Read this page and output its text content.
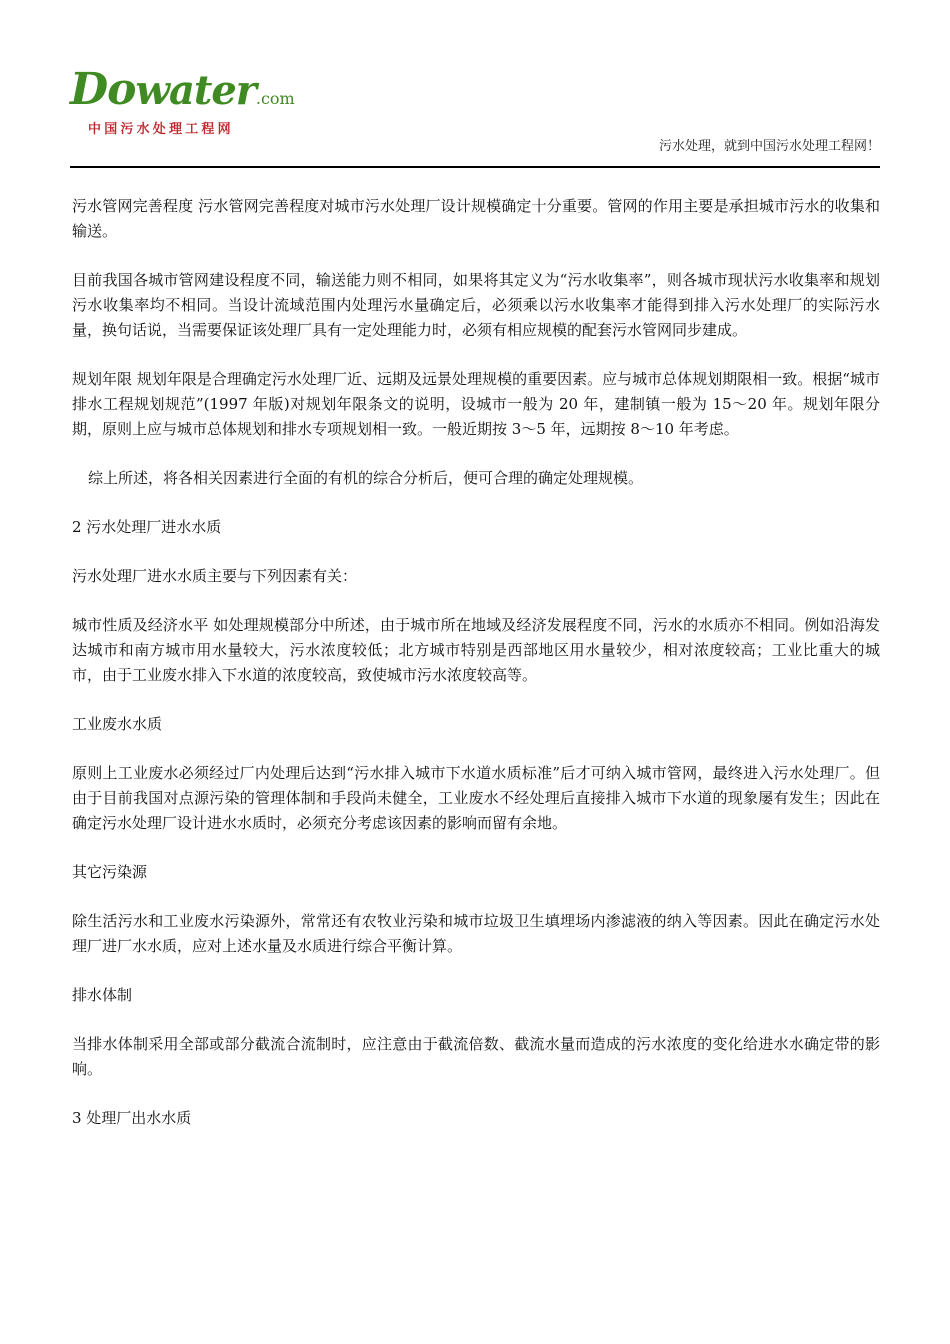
Dowater.com
中国污水处理工程网
污水处理，就到中国污水处理工程网！

污水管网完善程度 污水管网完善程度对城市污水处理厂设计规模确定十分重要。管网的作用主要是承担城市污水的收集和输送。

目前我国各城市管网建设程度不同，输送能力则不相同，如果将其定义为“污水收集率”，则各城市现状污水收集率和规划污水收集率均不相同。当设计流域范围内处理污水量确定后，必须乘以污水收集率才能得到排入污水处理厂的实际污水量，换句话说，当需要保证该处理厂具有一定处理能力时，必须有相应规模的配套污水管网同步建成。

规划年限 规划年限是合理确定污水处理厂近、远期及远景处理规模的重要因素。应与城市总体规划期限相一致。根据“城市排水工程规划规范”(1997 年版)对规划年限条文的说明，设城市一般为 20 年，建制镇一般为 15～20 年。规划年限分期，原则上应与城市总体规划和排水专项规划相一致。一般近期按 3～5 年，远期按 8～10 年考虑。

综上所述，将各相关因素进行全面的有机的综合分析后，便可合理的确定处理规模。

2 污水处理厂进水水质

污水处理厂进水水质主要与下列因素有关：

城市性质及经济水平 如处理规模部分中所述，由于城市所在地域及经济发展程度不同，污水的水质亦不相同。例如沿海发达城市和南方城市用水量较大，污水浓度较低；北方城市特别是西部地区用水量较少，相对浓度较高；工业比重大的城市，由于工业废水排入下水道的浓度较高，致使城市污水浓度较高等。

工业废水水质

原则上工业废水必须经过厂内处理后达到“污水排入城市下水道水质标准”后才可纳入城市管网，最终进入污水处理厂。但由于目前我国对点源污染的管理体制和手段尚未健全，工业废水不经处理后直接排入城市下水道的现象屡有发生；因此在确定污水处理厂设计进水水质时，必须充分考虑该因素的影响而留有余地。

其它污染源

除生活污水和工业废水污染源外，常常还有农牧业污染和城市垃圾卫生填埋场内渗滤液的纳入等因素。因此在确定污水处理厂进厂水水质，应对上述水量及水质进行综合平衡计算。

排水体制

当排水体制采用全部或部分截流合流制时，应注意由于截流倍数、截流水量而造成的污水浓度的变化给进水水确定带的影响。

3 处理厂出水水质
